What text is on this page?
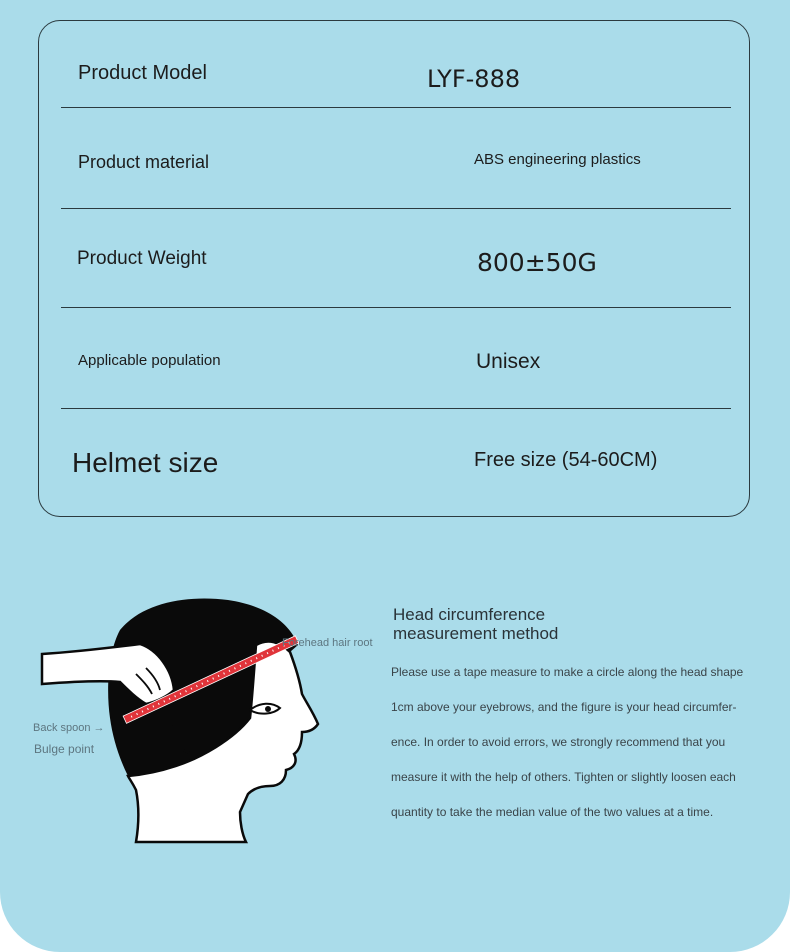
Product Model	LYF-888
Product material	ABS engineering plastics
Product Weight	800±50G
Applicable population	Unisex
Helmet size	Free size (54-60CM)
Forehead hair root
Back spoon →
Bulge point
Head circumference
measurement method
Please use a tape measure to make a circle along the head shape 1cm above your eyebrows, and the figure is your head circumfer-ence. In order to avoid errors, we strongly recommend that you measure it with the help of others. Tighten or slightly loosen each quantity to take the median value of the two values at a time.
